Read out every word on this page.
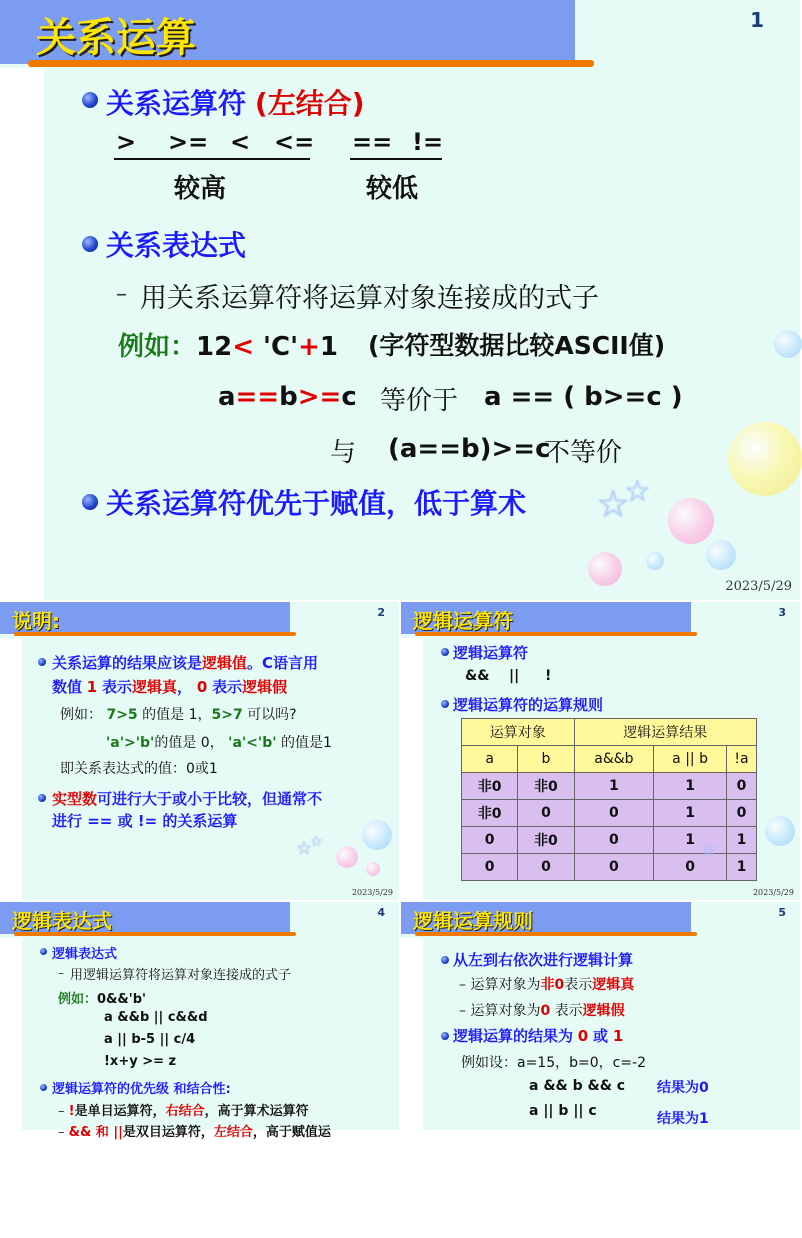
关系运算	1
关系运算符 (左结合)
> >= < <= == !=
较高	较低
关系表达式
– 用关系运算符将运算对象连接成的式子
例如：12< 'C'+1 (字符型数据比较ASCII值)
a==b>=c 等价于 a == ( b>=c )
与 (a==b)>=c
不等价
关系运算符优先于赋值，低于算术 ☆
☆
2023/5/29
说明:	2
关系运算的结果应该是逻辑值。C语言用
数值 1 表示逻辑真， 0 表示逻辑假
例如： 7>5 的值是 1，5>7 可以吗?
'a'>'b'的值是 0， 'a'<'b' 的值是1
即关系表达式的值：0或1
实型数可进行大于或小于比较，但通常不
进行 == 或 != 的关系运算
☆
☆
2023/5/29
逻辑运算符	3
逻辑运算符
&& || !
逻辑运算符的运算规则
运算对象		逻辑运算结果		
a	b	a&&b	a || b	!a
非0	非0	1	1	0
非0	0	0	1	0
0	非0	0	1	1
0	0	0	0	1
☆
2023/5/29
逻辑表达式	4
逻辑表达式
– 用逻辑运算符将运算对象连接成的式子
例如：0&&'b'
a &&b || c&&d
a || b-5 || c/4
!x+y >= z
逻辑运算符的优先级 和结合性:
– !是单目运算符，右结合，高于算术运算符
– && 和 ||是双目运算符，左结合，高于赋值运
逻辑运算规则	5
从左到右依次进行逻辑计算
– 运算对象为非0表示逻辑真
– 运算对象为0 表示逻辑假
逻辑运算的结果为 0 或 1
例如设：a=15，b=0，c=-2
a && b && c 结果为0
a || b || c	结果为1
